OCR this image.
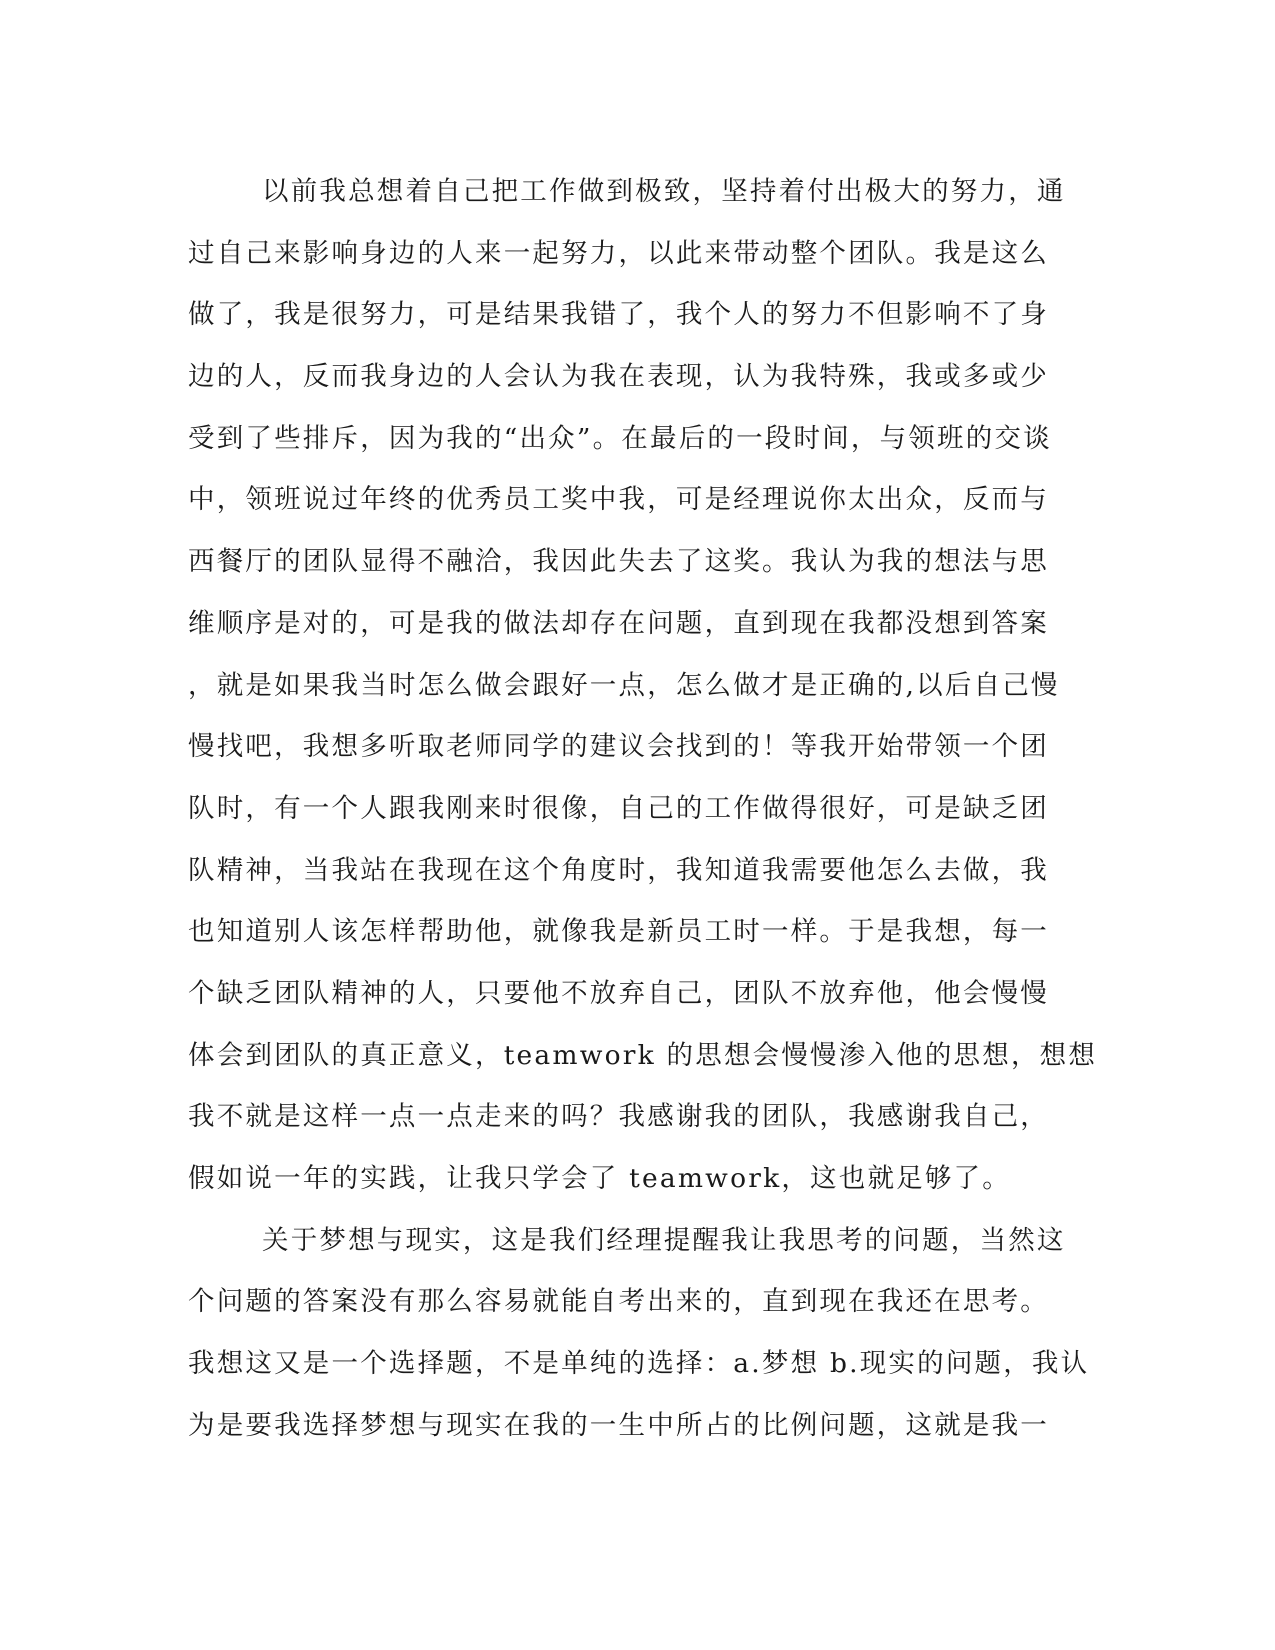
以前我总想着自己把工作做到极致，坚持着付出极大的努力，通
过自己来影响身边的人来一起努力，以此来带动整个团队。我是这么
做了，我是很努力，可是结果我错了，我个人的努力不但影响不了身
边的人，反而我身边的人会认为我在表现，认为我特殊，我或多或少
受到了些排斥，因为我的“出众”。在最后的一段时间，与领班的交谈
中，领班说过年终的优秀员工奖中我，可是经理说你太出众，反而与
西餐厅的团队显得不融洽，我因此失去了这奖。我认为我的想法与思
维顺序是对的，可是我的做法却存在问题，直到现在我都没想到答案
，就是如果我当时怎么做会跟好一点，怎么做才是正确的,以后自己慢
慢找吧，我想多听取老师同学的建议会找到的！等我开始带领一个团
队时，有一个人跟我刚来时很像，自己的工作做得很好，可是缺乏团
队精神，当我站在我现在这个角度时，我知道我需要他怎么去做，我
也知道别人该怎样帮助他，就像我是新员工时一样。于是我想，每一
个缺乏团队精神的人，只要他不放弃自己，团队不放弃他，他会慢慢
体会到团队的真正意义，teamwork 的思想会慢慢渗入他的思想，想想
我不就是这样一点一点走来的吗？我感谢我的团队，我感谢我自己，
假如说一年的实践，让我只学会了 teamwork，这也就足够了。
关于梦想与现实，这是我们经理提醒我让我思考的问题，当然这
个问题的答案没有那么容易就能自考出来的，直到现在我还在思考。
我想这又是一个选择题，不是单纯的选择：a.梦想 b.现实的问题，我认
为是要我选择梦想与现实在我的一生中所占的比例问题，这就是我一
